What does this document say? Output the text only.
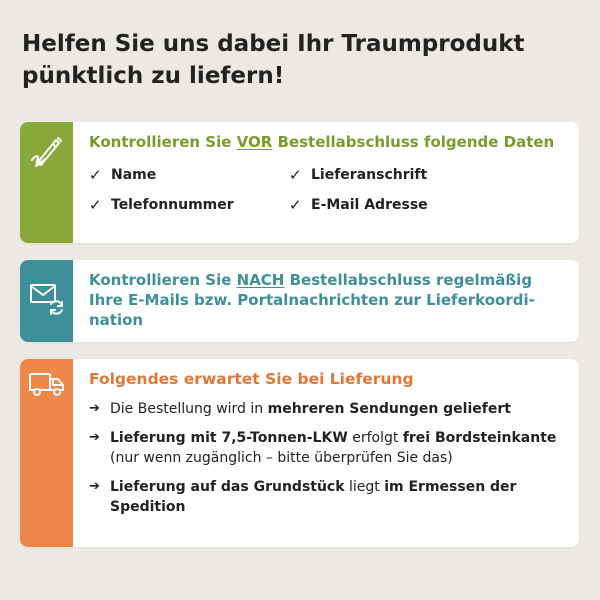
Helfen Sie uns dabei Ihr Traumprodukt
pünktlich zu liefern!

Kontrollieren Sie VOR Bestellabschluss folgende Daten

✓ Name	✓ Lieferanschrift
✓ Telefonnummer	✓ E-Mail Adresse

Kontrollieren Sie NACH Bestellabschluss regelmäßig Ihre E-Mails bzw. Portalnachrichten zur Lieferkoordi-nation

Folgendes erwartet Sie bei Lieferung

➔ Die Bestellung wird in mehreren Sendungen geliefert
➔ Lieferung mit 7,5-Tonnen-LKW erfolgt frei Bordsteinkante (nur wenn zugänglich – bitte überprüfen Sie das)
➔ Lieferung auf das Grundstück liegt im Ermessen der Spedition
